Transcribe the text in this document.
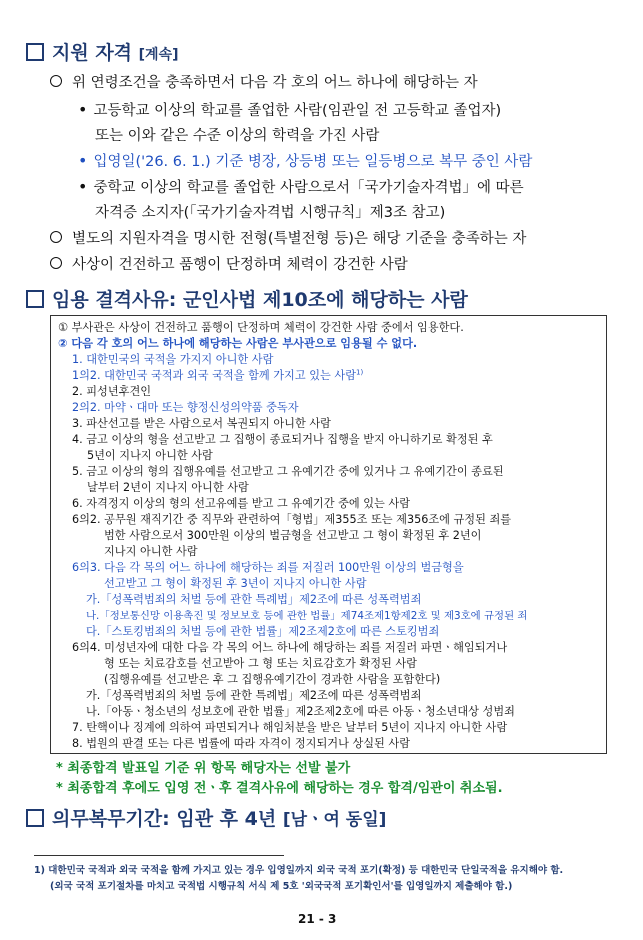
지원 자격 [계속]
위 연령조건을 충족하면서 다음 각 호의 어느 하나에 해당하는 자
• 고등학교 이상의 학교를 졸업한 사람(임관일 전 고등학교 졸업자)
또는 이와 같은 수준 이상의 학력을 가진 사람
• 입영일('26. 6. 1.) 기준 병장, 상등병 또는 일등병으로 복무 중인 사람
• 중학교 이상의 학교를 졸업한 사람으로서「국가기술자격법」에 따른
자격증 소지자(「국가기술자격법 시행규칙」제3조 참고)
별도의 지원자격을 명시한 전형(특별전형 등)은 해당 기준을 충족하는 자
사상이 건전하고 품행이 단정하며 체력이 강건한 사람
임용 결격사유: 군인사법 제10조에 해당하는 사람
① 부사관은 사상이 건전하고 품행이 단정하며 체력이 강건한 사람 중에서 임용한다.
② 다음 각 호의 어느 하나에 해당하는 사람은 부사관으로 임용될 수 없다.
1. 대한민국의 국적을 가지지 아니한 사람
1의2. 대한민국 국적과 외국 국적을 함께 가지고 있는 사람$^{1)}$
2. 피성년후견인
2의2. 마약ㆍ대마 또는 향정신성의약품 중독자
3. 파산선고를 받은 사람으로서 복권되지 아니한 사람
4. 금고 이상의 형을 선고받고 그 집행이 종료되거나 집행을 받지 아니하기로 확정된 후
5년이 지나지 아니한 사람
5. 금고 이상의 형의 집행유예를 선고받고 그 유예기간 중에 있거나 그 유예기간이 종료된
날부터 2년이 지나지 아니한 사람
6. 자격정지 이상의 형의 선고유예를 받고 그 유예기간 중에 있는 사람
6의2. 공무원 재직기간 중 직무와 관련하여「형법」제355조 또는 제356조에 규정된 죄를
범한 사람으로서 300만원 이상의 벌금형을 선고받고 그 형이 확정된 후 2년이
지나지 아니한 사람
6의3. 다음 각 목의 어느 하나에 해당하는 죄를 저질러 100만원 이상의 벌금형을
선고받고 그 형이 확정된 후 3년이 지나지 아니한 사람
가.「성폭력범죄의 처벌 등에 관한 특례법」제2조에 따른 성폭력범죄
나.「정보통신망 이용촉진 및 정보보호 등에 관한 법률」제74조제1항제2호 및 제3호에 규정된 죄
다.「스토킹범죄의 처벌 등에 관한 법률」제2조제2호에 따른 스토킹범죄
6의4. 미성년자에 대한 다음 각 목의 어느 하나에 해당하는 죄를 저질러 파면ㆍ해임되거나
형 또는 치료감호를 선고받아 그 형 또는 치료감호가 확정된 사람
(집행유예를 선고받은 후 그 집행유예기간이 경과한 사람을 포함한다)
가.「성폭력범죄의 처벌 등에 관한 특례법」제2조에 따른 성폭력범죄
나.「아동ㆍ청소년의 성보호에 관한 법률」제2조제2호에 따른 아동ㆍ청소년대상 성범죄
7. 탄핵이나 징계에 의하여 파면되거나 해임처분을 받은 날부터 5년이 지나지 아니한 사람
8. 법원의 판결 또는 다른 법률에 따라 자격이 정지되거나 상실된 사람
* 최종합격 발표일 기준 위 항목 해당자는 선발 불가
* 최종합격 후에도 입영 전ㆍ후 결격사유에 해당하는 경우 합격/임관이 취소됨.
의무복무기간: 임관 후 4년 [남ㆍ여 동일]
1) 대한민국 국적과 외국 국적을 함께 가지고 있는 경우 입영일까지 외국 국적 포기(확정) 등 대한민국 단일국적을 유지해야 함.
(외국 국적 포기절차를 마치고 국적법 시행규칙 서식 제 5호 '외국국적 포기확인서'를 입영일까지 제출해야 함.)
21 - 3
